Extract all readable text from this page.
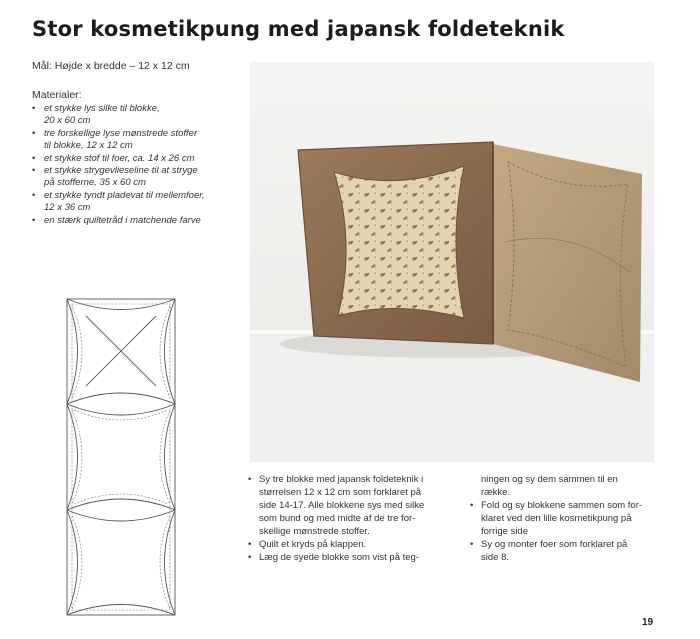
Stor kosmetikpung med japansk foldeteknik
Mål: Højde x bredde – 12 x 12 cm
Materialer:
• et stykke lys silke til blokke,
20 x 60 cm
• tre forskellige lyse mønstrede stoffer
til blokke, 12 x 12 cm
• et stykke stof til foer, ca. 14 x 26 cm
• et stykke strygevlieseline til at stryge
på stofferne, 35 x 60 cm
• et stykke tyndt pladevat til mellemfoer,
12 x 36 cm
• en stærk quiltetråd i matchende farve
• Sy tre blokke med japansk foldeteknik i
størrelsen 12 x 12 cm som forklaret på
side 14-17. Alle blokkene sys med silke
som bund og med midte af de tre for-
skellige mønstrede stoffer.
• Quilt et kryds på klappen.
• Læg de syede blokke som vist på teg-
ningen og sy dem sammen til en
række.
• Fold og sy blokkene sammen som for-
klaret ved den lille kosmetikpung på
forrige side
• Sy og monter foer som forklaret på
side 8.
19
